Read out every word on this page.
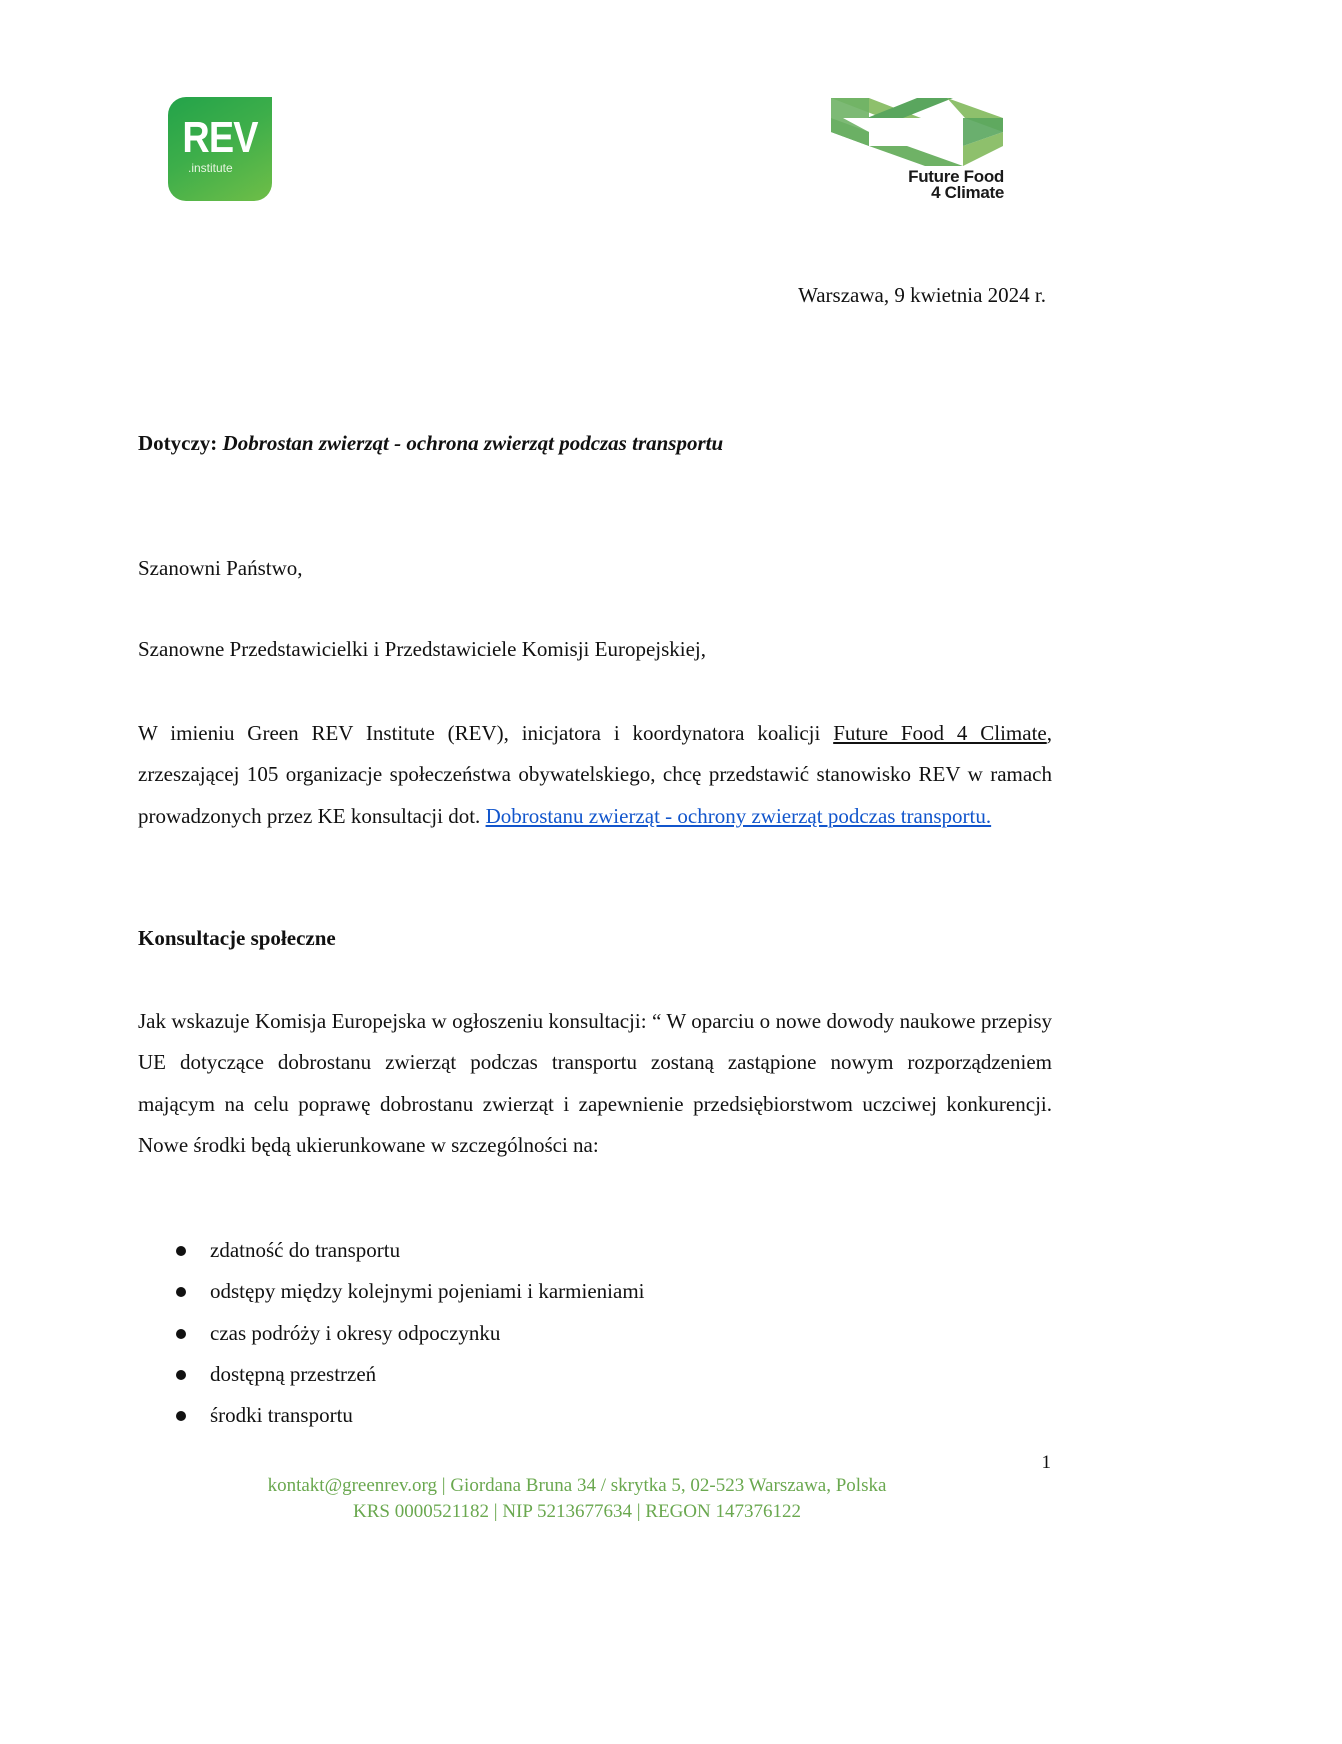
REV
.institute	Future Food
4 Climate
Warszawa, 9 kwietnia 2024 r.
Dotyczy: Dobrostan zwierząt - ochrona zwierząt podczas transportu
Szanowni Państwo,
Szanowne Przedstawicielki i Przedstawiciele Komisji Europejskiej,
W imieniu Green REV Institute (REV), inicjatora i koordynatora koalicji Future Food 4 Climate, zrzeszającej 105 organizacje społeczeństwa obywatelskiego, chcę przedstawić stanowisko REV w ramach prowadzonych przez KE konsultacji dot. Dobrostanu zwierząt - ochrony zwierząt podczas transportu.
Konsultacje społeczne
Jak wskazuje Komisja Europejska w ogłoszeniu konsultacji: “ W oparciu o nowe dowody naukowe przepisy UE dotyczące dobrostanu zwierząt podczas transportu zostaną zastąpione nowym rozporządzeniem mającym na celu poprawę dobrostanu zwierząt i zapewnienie przedsiębiorstwom uczciwej konkurencji. Nowe środki będą ukierunkowane w szczególności na:
zdatność do transportu
odstępy między kolejnymi pojeniami i karmieniami
czas podróży i okresy odpoczynku
dostępną przestrzeń
środki transportu
1
kontakt@greenrev.org | Giordana Bruna 34 / skrytka 5, 02-523 Warszawa, Polska
KRS 0000521182 | NIP 5213677634 | REGON 147376122
